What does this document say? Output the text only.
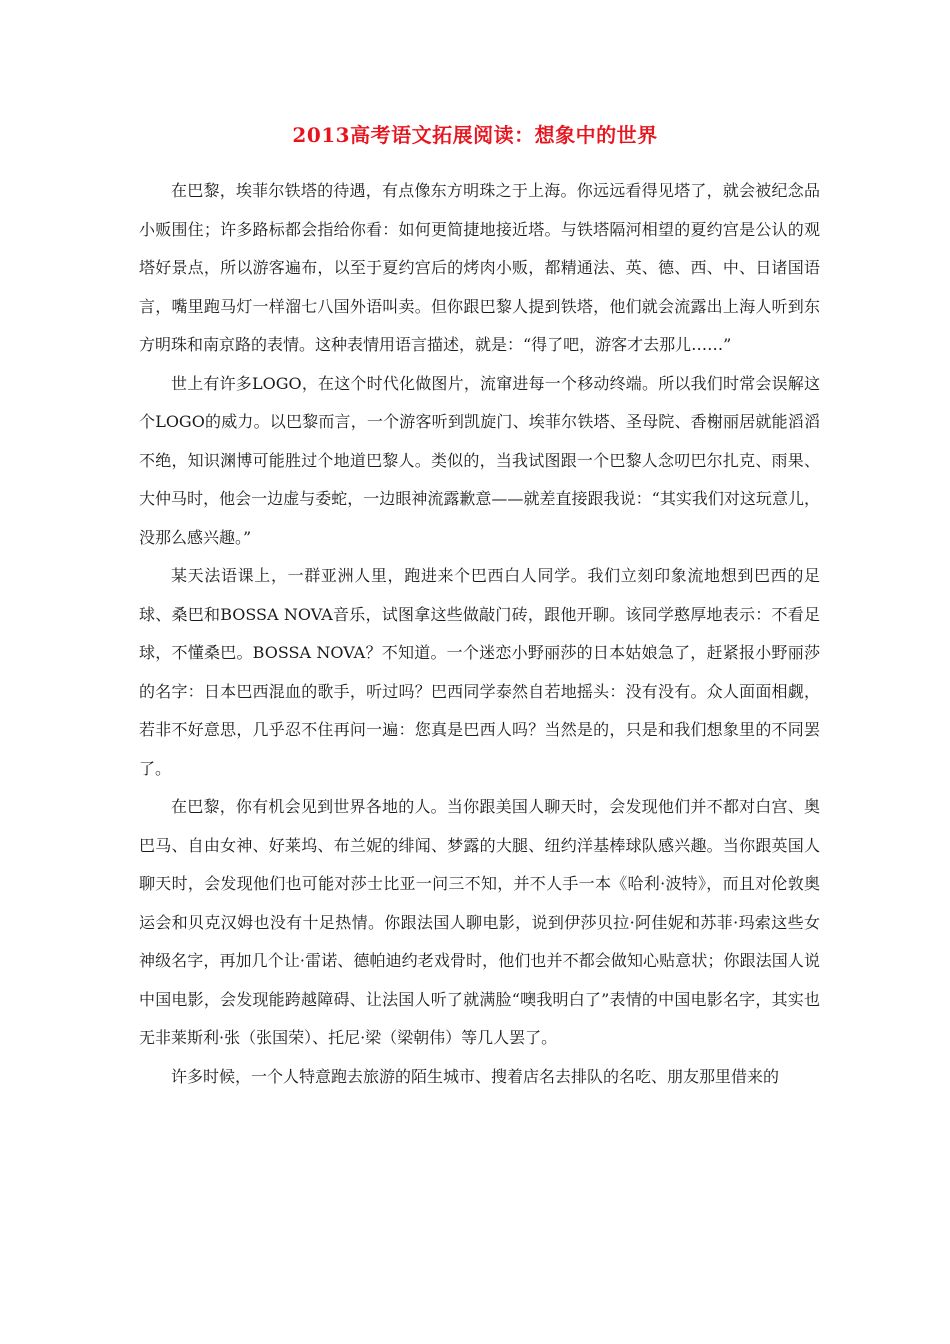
2013高考语文拓展阅读：想象中的世界

在巴黎，埃菲尔铁塔的待遇，有点像东方明珠之于上海。你远远看得见塔了，就会被纪念品小贩围住；许多路标都会指给你看：如何更简捷地接近塔。与铁塔隔河相望的夏约宫是公认的观塔好景点，所以游客遍布，以至于夏约宫后的烤肉小贩，都精通法、英、德、西、中、日诸国语言，嘴里跑马灯一样溜七八国外语叫卖。但你跟巴黎人提到铁塔，他们就会流露出上海人听到东方明珠和南京路的表情。这种表情用语言描述，就是：“得了吧，游客才去那儿……”

世上有许多LOGO，在这个时代化做图片，流窜进每一个移动终端。所以我们时常会误解这个LOGO的威力。以巴黎而言，一个游客听到凯旋门、埃菲尔铁塔、圣母院、香榭丽居就能滔滔不绝，知识渊博可能胜过个地道巴黎人。类似的，当我试图跟一个巴黎人念叨巴尔扎克、雨果、大仲马时，他会一边虚与委蛇，一边眼神流露歉意——就差直接跟我说：“其实我们对这玩意儿，没那么感兴趣。”

某天法语课上，一群亚洲人里，跑进来个巴西白人同学。我们立刻印象流地想到巴西的足球、桑巴和BOSSA NOVA音乐，试图拿这些做敲门砖，跟他开聊。该同学憨厚地表示：不看足球，不懂桑巴。BOSSA NOVA？不知道。一个迷恋小野丽莎的日本姑娘急了，赶紧报小野丽莎的名字：日本巴西混血的歌手，听过吗？巴西同学泰然自若地摇头：没有没有。众人面面相觑，若非不好意思，几乎忍不住再问一遍：您真是巴西人吗？当然是的，只是和我们想象里的不同罢了。

在巴黎，你有机会见到世界各地的人。当你跟美国人聊天时，会发现他们并不都对白宫、奥巴马、自由女神、好莱坞、布兰妮的绯闻、梦露的大腿、纽约洋基棒球队感兴趣。当你跟英国人聊天时，会发现他们也可能对莎士比亚一问三不知，并不人手一本《哈利·波特》，而且对伦敦奥运会和贝克汉姆也没有十足热情。你跟法国人聊电影，说到伊莎贝拉·阿佳妮和苏菲·玛索这些女神级名字，再加几个让·雷诺、德帕迪约老戏骨时，他们也并不都会做知心贴意状；你跟法国人说中国电影，会发现能跨越障碍、让法国人听了就满脸“噢我明白了”表情的中国电影名字，其实也无非莱斯利·张（张国荣）、托尼·梁（梁朝伟）等几人罢了。

许多时候，一个人特意跑去旅游的陌生城市、搜着店名去排队的名吃、朋友那里借来的
